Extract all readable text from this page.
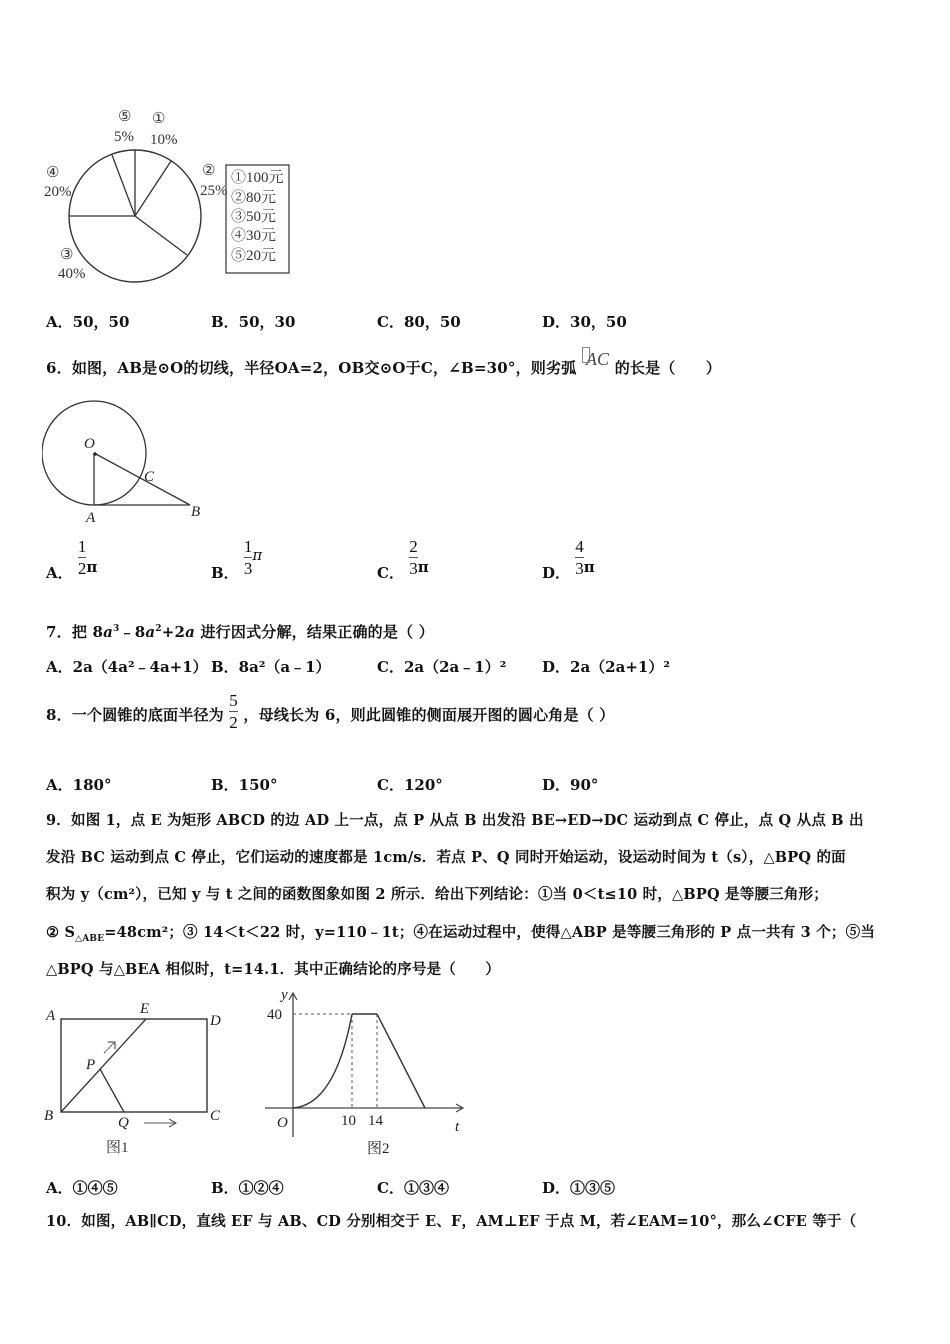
⑤
5%
①
10%
②
25%
④
20%
③
40%
①100元
②80元
③50元
④30元
⑤20元
A．50，50	B．50，30	C．80，50	D．30，50
6．如图，AB是⊙O的切线，半径OA=2，OB交⊙O于C，∠B=30°，则劣弧 AC 的长是（　　）
O
A	B
C
A． $\frac{1}{2}$ π	B． $\frac{1}{3}$ π
C． $\frac{2}{3}$ π	D． $\frac{4}{3}$ π
7．把 $8a^3﹣8a^2+2a$ 进行因式分解，结果正确的是（ ）
A．2a（4a²﹣4a+1） B．8a²（a﹣1）	C．2a（2a﹣1）² D．2a（2a+1）²
8．一个圆锥的底面半径为 $\frac{5}{2}$ ，母线长为 6，则此圆锥的侧面展开图的圆心角是（ ）
A．180°	B．150°	C．120°	D．90°
9．如图 1，点 E 为矩形 ABCD 的边 AD 上一点，点 P 从点 B 出发沿 BE→ED→DC 运动到点 C 停止，点 Q 从点 B 出
发沿 BC 运动到点 C 停止，它们运动的速度都是 1cm/s．若点 P、Q 同时开始运动，设运动时间为 t（s），△BPQ 的面
积为 y（cm²），已知 y 与 t 之间的函数图象如图 2 所示．给出下列结论：①当 0＜t≤10 时，△BPQ 是等腰三角形；
② $S_{\triangle ABE}=48cm^2$；③ 14＜t＜22 时，y=110﹣1t；④在运动过程中，使得△ABP 是等腰三角形的 P 点一共有 3 个；⑤当
△BPQ 与△BEA 相似时，t=14.1．其中正确结论的序号是（　　）
A	E
D
P
B	Q	C
图1
y
40
O	10 14	t
图2
A．①④⑤	B．①②④	C．①③④	D．①③⑤
10．如图，AB∥CD，直线 EF 与 AB、CD 分别相交于 E、F，AM⊥EF 于点 M，若∠EAM=10°，那么∠CFE 等于（
